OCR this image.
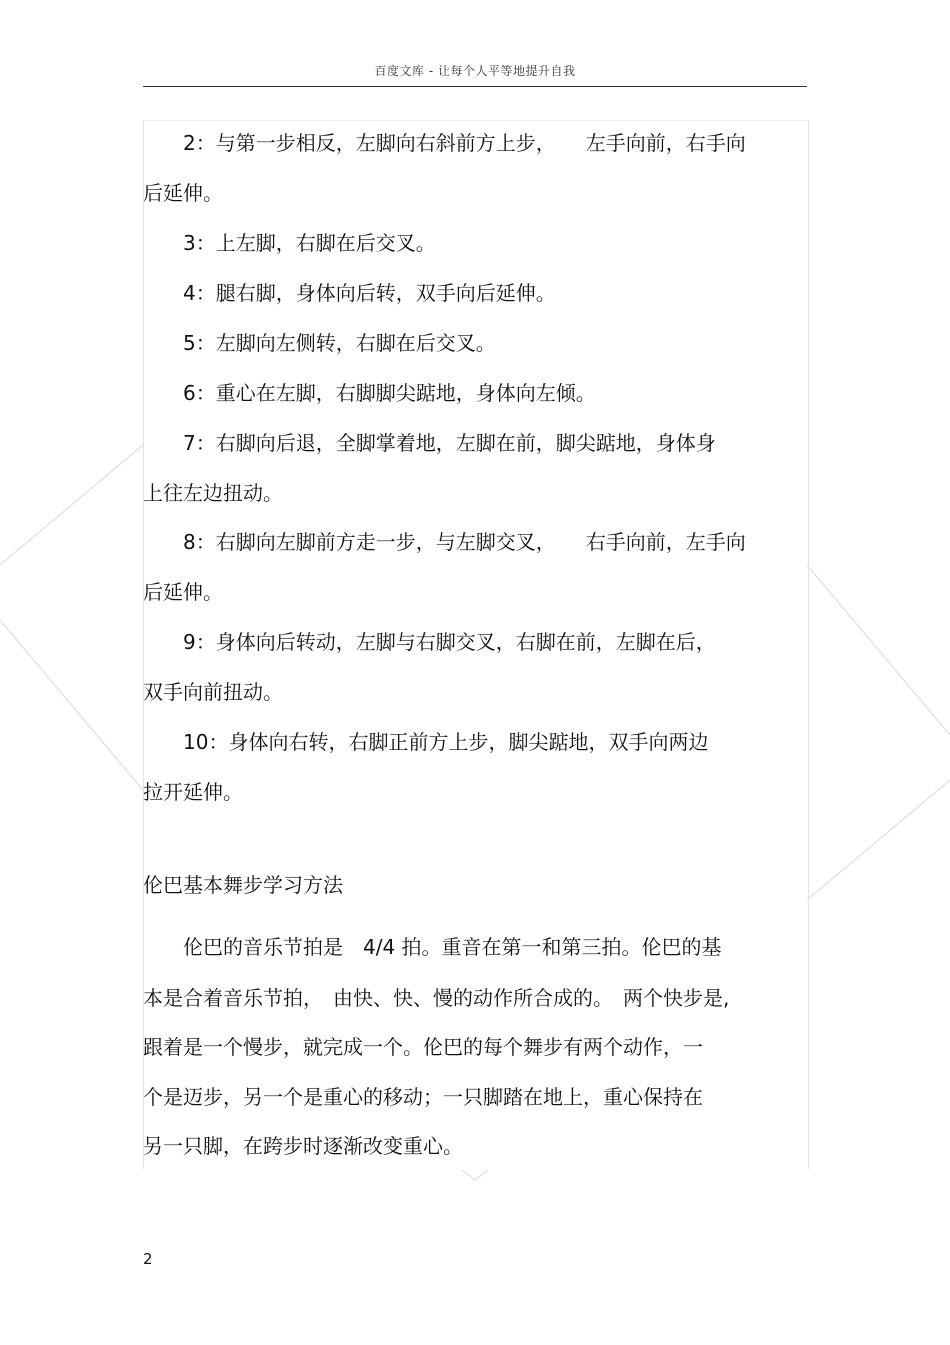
百度文库 - 让每个人平等地提升自我
　　2：与第一步相反，左脚向右斜前方上步，　　左手向前，右手向
后延伸。
　　3：上左脚，右脚在后交叉。
　　4：腿右脚，身体向后转，双手向后延伸。
　　5：左脚向左侧转，右脚在后交叉。
　　6：重心在左脚，右脚脚尖踮地，身体向左倾。
　　7：右脚向后退，全脚掌着地，左脚在前，脚尖踮地，身体身
上往左边扭动。
　　8：右脚向左脚前方走一步，与左脚交叉，　　右手向前，左手向
后延伸。
　　9：身体向后转动，左脚与右脚交叉，右脚在前，左脚在后，
双手向前扭动。
　　10：身体向右转，右脚正前方上步，脚尖踮地，双手向两边
拉开延伸。
伦巴基本舞步学习方法
　　伦巴的音乐节拍是　4/4 拍。重音在第一和第三拍。伦巴的基
本是合着音乐节拍，　由快、快、慢的动作所合成的。　两个快步是,
跟着是一个慢步，就完成一个。伦巴的每个舞步有两个动作，一
个是迈步，另一个是重心的移动；一只脚踏在地上，重心保持在
另一只脚，在跨步时逐渐改变重心。
2
